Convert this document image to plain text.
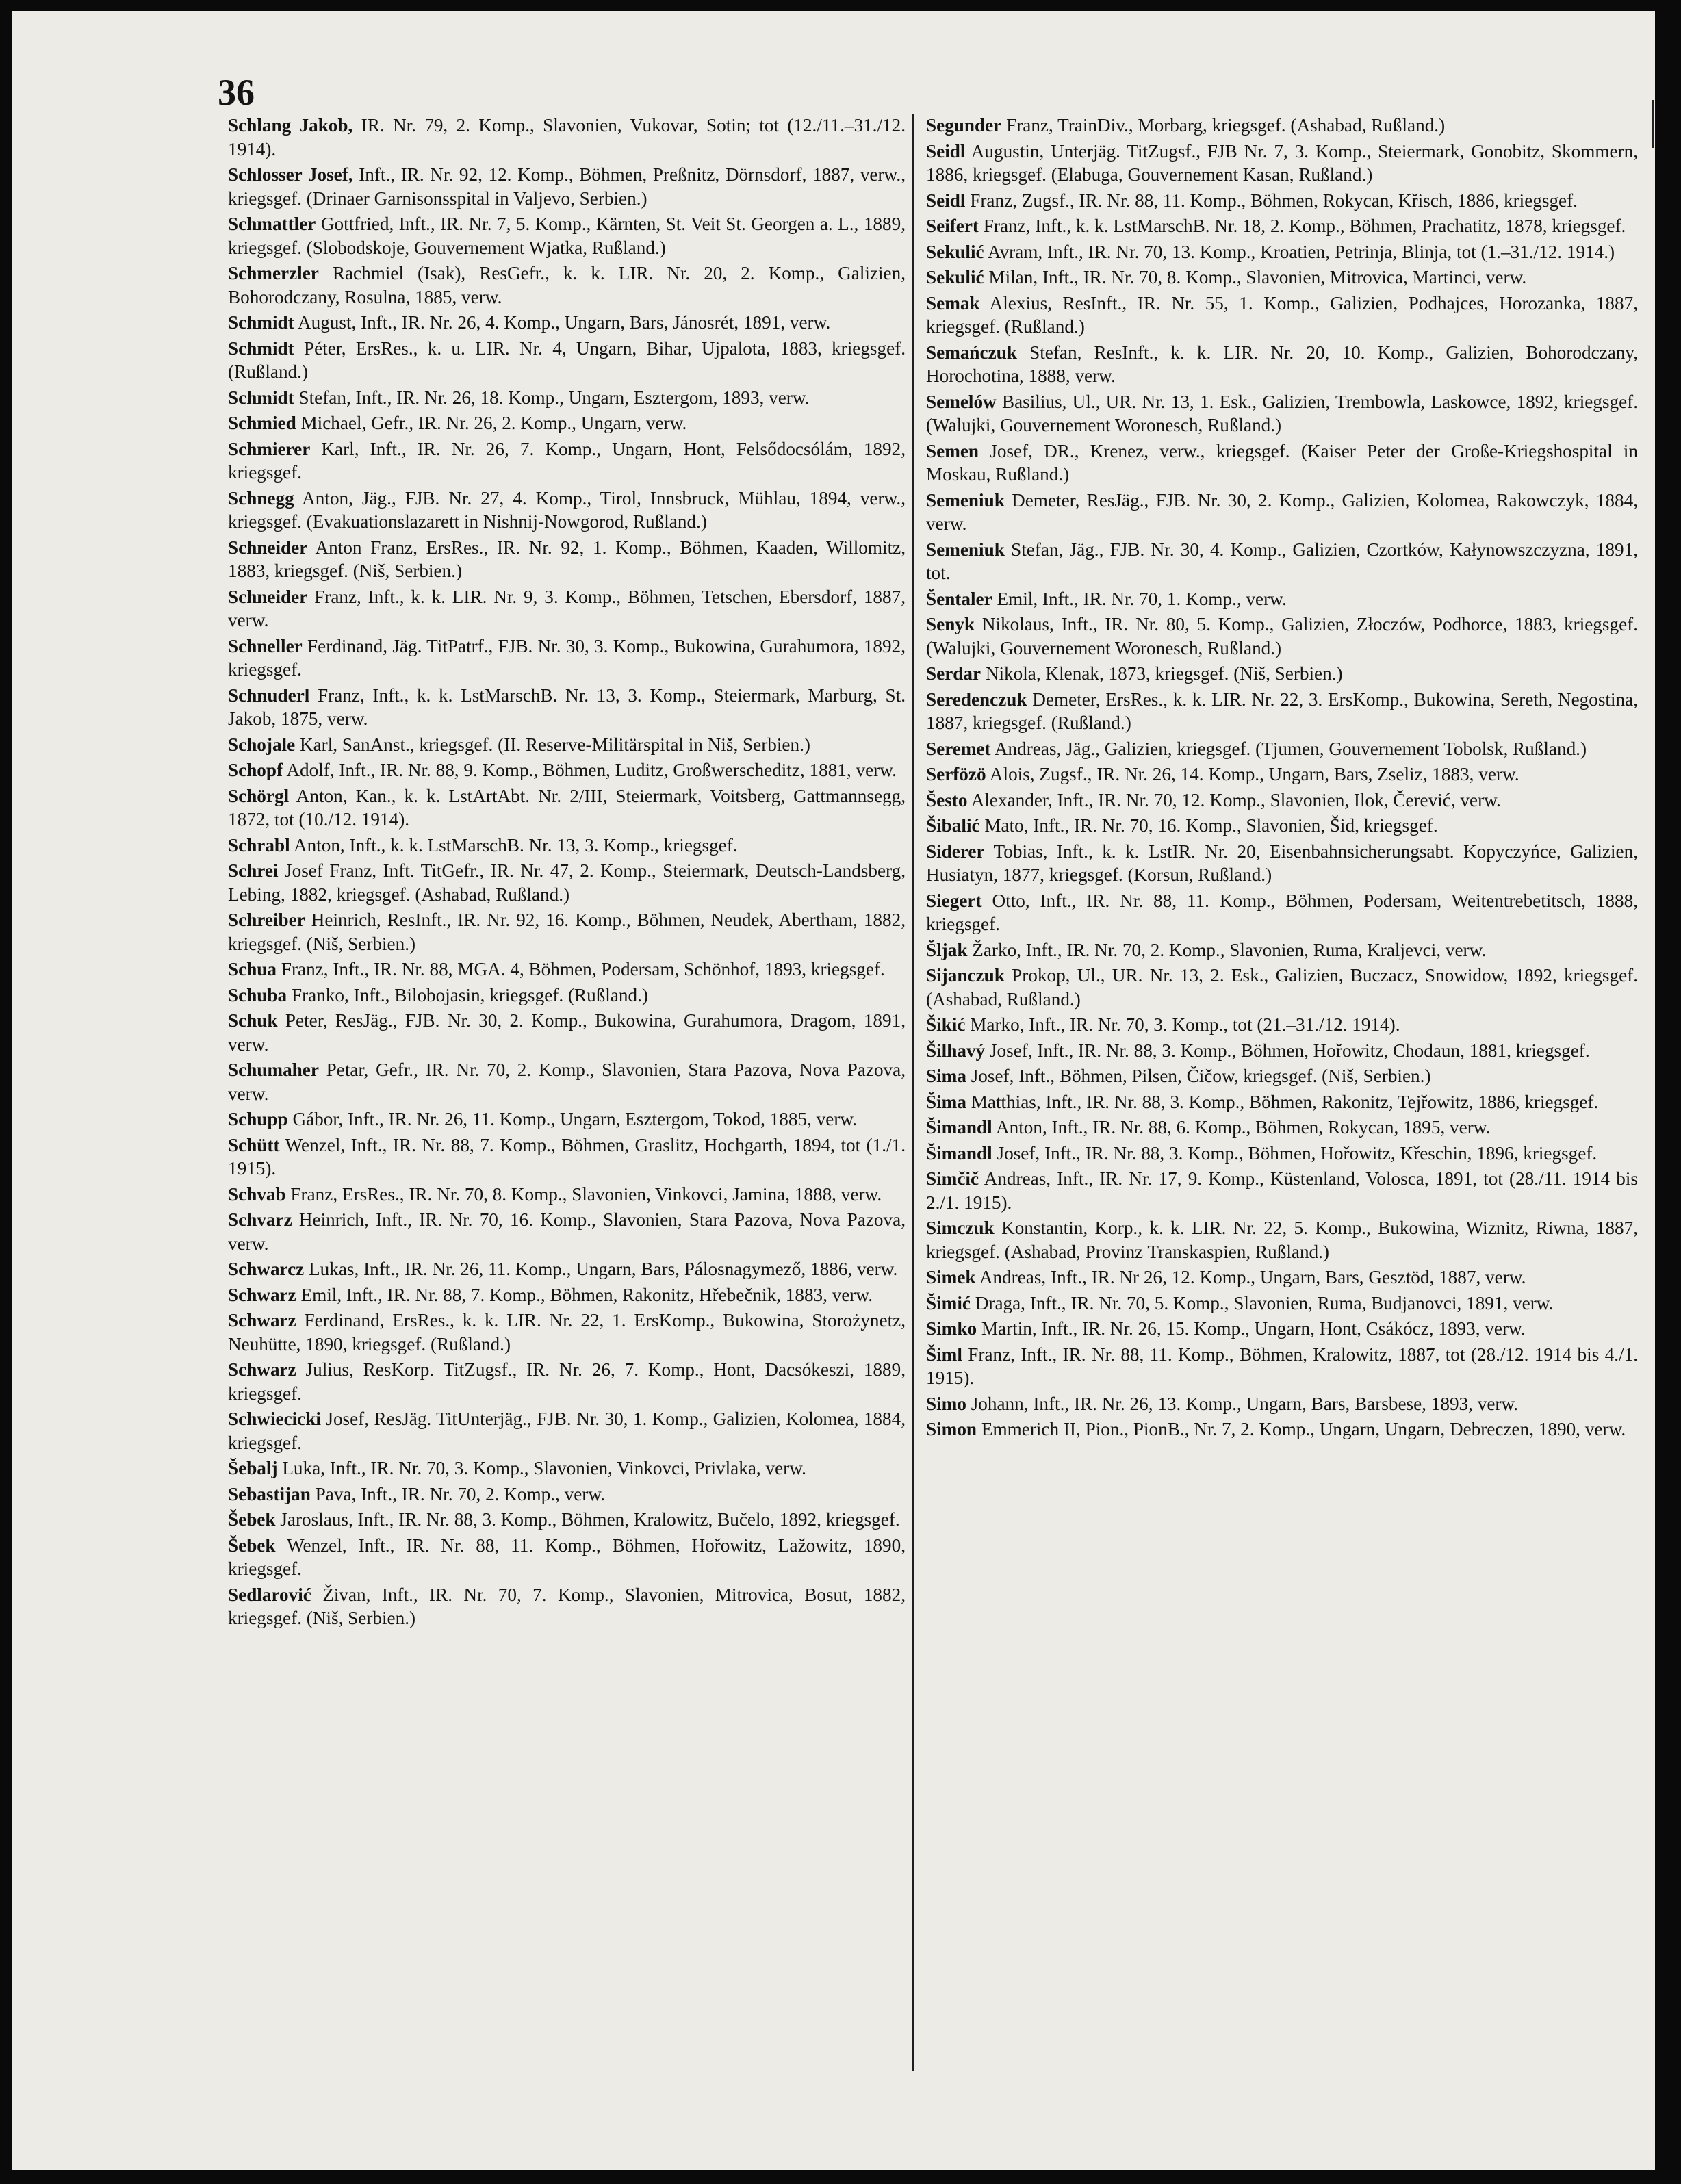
36

Schlang Jakob, IR. Nr. 79, 2. Komp., Slavonien, Vukovar, Sotin; tot (12./11.–31./12. 1914).

Schlosser Josef, Inft., IR. Nr. 92, 12. Komp., Böhmen, Preßnitz, Dörnsdorf, 1887, verw., kriegsgef. (Drinaer Garnisonsspital in Valjevo, Serbien.)

Schmattler Gottfried, Inft., IR. Nr. 7, 5. Komp., Kärnten, St. Veit St. Georgen a. L., 1889, kriegsgef. (Slobodskoje, Gouvernement Wjatka, Rußland.)

Schmerzler Rachmiel (Isak), ResGefr., k. k. LIR. Nr. 20, 2. Komp., Galizien, Bohorodczany, Rosulna, 1885, verw.

Schmidt August, Inft., IR. Nr. 26, 4. Komp., Ungarn, Bars, Jánosrét, 1891, verw.

Schmidt Péter, ErsRes., k. u. LIR. Nr. 4, Ungarn, Bihar, Ujpalota, 1883, kriegsgef. (Rußland.)

Schmidt Stefan, Inft., IR. Nr. 26, 18. Komp., Ungarn, Esztergom, 1893, verw.

Schmied Michael, Gefr., IR. Nr. 26, 2. Komp., Ungarn, verw.

Schmierer Karl, Inft., IR. Nr. 26, 7. Komp., Ungarn, Hont, Felsődocsólám, 1892, kriegsgef.

Schnegg Anton, Jäg., FJB. Nr. 27, 4. Komp., Tirol, Innsbruck, Mühlau, 1894, verw., kriegsgef. (Evakuationslazarett in Nishnij-Nowgorod, Rußland.)

Schneider Anton Franz, ErsRes., IR. Nr. 92, 1. Komp., Böhmen, Kaaden, Willomitz, 1883, kriegsgef. (Niš, Serbien.)

Schneider Franz, Inft., k. k. LIR. Nr. 9, 3. Komp., Böhmen, Tetschen, Ebersdorf, 1887, verw.

Schneller Ferdinand, Jäg. TitPatrf., FJB. Nr. 30, 3. Komp., Bukowina, Gurahumora, 1892, kriegsgef.

Schnuderl Franz, Inft., k. k. LstMarschB. Nr. 13, 3. Komp., Steiermark, Marburg, St. Jakob, 1875, verw.

Schojale Karl, SanAnst., kriegsgef. (II. Reserve-Militärspital in Niš, Serbien.)

Schopf Adolf, Inft., IR. Nr. 88, 9. Komp., Böhmen, Luditz, Großwerscheditz, 1881, verw.

Schörgl Anton, Kan., k. k. LstArtAbt. Nr. 2/III, Steiermark, Voitsberg, Gattmannsegg, 1872, tot (10./12. 1914).

Schrabl Anton, Inft., k. k. LstMarschB. Nr. 13, 3. Komp., kriegsgef.

Schrei Josef Franz, Inft. TitGefr., IR. Nr. 47, 2. Komp., Steiermark, Deutsch-Landsberg, Lebing, 1882, kriegsgef. (Ashabad, Rußland.)

Schreiber Heinrich, ResInft., IR. Nr. 92, 16. Komp., Böhmen, Neudek, Abertham, 1882, kriegsgef. (Niš, Serbien.)

Schua Franz, Inft., IR. Nr. 88, MGA. 4, Böhmen, Podersam, Schönhof, 1893, kriegsgef.

Schuba Franko, Inft., Bilobojasin, kriegsgef. (Rußland.)

Schuk Peter, ResJäg., FJB. Nr. 30, 2. Komp., Bukowina, Gurahumora, Dragom, 1891, verw.

Schumaher Petar, Gefr., IR. Nr. 70, 2. Komp., Slavonien, Stara Pazova, Nova Pazova, verw.

Schupp Gábor, Inft., IR. Nr. 26, 11. Komp., Ungarn, Esztergom, Tokod, 1885, verw.

Schütt Wenzel, Inft., IR. Nr. 88, 7. Komp., Böhmen, Graslitz, Hochgarth, 1894, tot (1./1. 1915).

Schvab Franz, ErsRes., IR. Nr. 70, 8. Komp., Slavonien, Vinkovci, Jamina, 1888, verw.

Schvarz Heinrich, Inft., IR. Nr. 70, 16. Komp., Slavonien, Stara Pazova, Nova Pazova, verw.

Schwarcz Lukas, Inft., IR. Nr. 26, 11. Komp., Ungarn, Bars, Pálosnagymező, 1886, verw.

Schwarz Emil, Inft., IR. Nr. 88, 7. Komp., Böhmen, Rakonitz, Hřebečnik, 1883, verw.

Schwarz Ferdinand, ErsRes., k. k. LIR. Nr. 22, 1. ErsKomp., Bukowina, Storożynetz, Neuhütte, 1890, kriegsgef. (Rußland.)

Schwarz Julius, ResKorp. TitZugsf., IR. Nr. 26, 7. Komp., Hont, Dacsókeszi, 1889, kriegsgef.

Schwiecicki Josef, ResJäg. TitUnterjäg., FJB. Nr. 30, 1. Komp., Galizien, Kolomea, 1884, kriegsgef.

Šebalj Luka, Inft., IR. Nr. 70, 3. Komp., Slavonien, Vinkovci, Privlaka, verw.

Sebastijan Pava, Inft., IR. Nr. 70, 2. Komp., verw.

Šebek Jaroslaus, Inft., IR. Nr. 88, 3. Komp., Böhmen, Kralowitz, Bučelo, 1892, kriegsgef.

Šebek Wenzel, Inft., IR. Nr. 88, 11. Komp., Böhmen, Hořowitz, Lažowitz, 1890, kriegsgef.

Sedlarović Živan, Inft., IR. Nr. 70, 7. Komp., Slavonien, Mitrovica, Bosut, 1882, kriegsgef. (Niš, Serbien.)

Segunder Franz, TrainDiv., Morbarg, kriegsgef. (Ashabad, Rußland.)

Seidl Augustin, Unterjäg. TitZugsf., FJB Nr. 7, 3. Komp., Steiermark, Gonobitz, Skommern, 1886, kriegsgef. (Elabuga, Gouvernement Kasan, Rußland.)

Seidl Franz, Zugsf., IR. Nr. 88, 11. Komp., Böhmen, Rokycan, Křisch, 1886, kriegsgef.

Seifert Franz, Inft., k. k. LstMarschB. Nr. 18, 2. Komp., Böhmen, Prachatitz, 1878, kriegsgef.

Sekulić Avram, Inft., IR. Nr. 70, 13. Komp., Kroatien, Petrinja, Blinja, tot (1.–31./12. 1914.)

Sekulić Milan, Inft., IR. Nr. 70, 8. Komp., Slavonien, Mitrovica, Martinci, verw.

Semak Alexius, ResInft., IR. Nr. 55, 1. Komp., Galizien, Podhajces, Horozanka, 1887, kriegsgef. (Rußland.)

Semańczuk Stefan, ResInft., k. k. LIR. Nr. 20, 10. Komp., Galizien, Bohorodczany, Horochotina, 1888, verw.

Semelów Basilius, Ul., UR. Nr. 13, 1. Esk., Galizien, Trembowla, Laskowce, 1892, kriegsgef. (Walujki, Gouvernement Woronesch, Rußland.)

Semen Josef, DR., Krenez, verw., kriegsgef. (Kaiser Peter der Große-Kriegshospital in Moskau, Rußland.)

Semeniuk Demeter, ResJäg., FJB. Nr. 30, 2. Komp., Galizien, Kolomea, Rakowczyk, 1884, verw.

Semeniuk Stefan, Jäg., FJB. Nr. 30, 4. Komp., Galizien, Czortków, Kałynowszczyzna, 1891, tot.

Šentaler Emil, Inft., IR. Nr. 70, 1. Komp., verw.

Senyk Nikolaus, Inft., IR. Nr. 80, 5. Komp., Galizien, Złoczów, Podhorce, 1883, kriegsgef. (Walujki, Gouvernement Woronesch, Rußland.)

Serdar Nikola, Klenak, 1873, kriegsgef. (Niš, Serbien.)

Seredenczuk Demeter, ErsRes., k. k. LIR. Nr. 22, 3. ErsKomp., Bukowina, Sereth, Negostina, 1887, kriegsgef. (Rußland.)

Seremet Andreas, Jäg., Galizien, kriegsgef. (Tjumen, Gouvernement Tobolsk, Rußland.)

Serfözö Alois, Zugsf., IR. Nr. 26, 14. Komp., Ungarn, Bars, Zseliz, 1883, verw.

Šesto Alexander, Inft., IR. Nr. 70, 12. Komp., Slavonien, Ilok, Čerević, verw.

Šibalić Mato, Inft., IR. Nr. 70, 16. Komp., Slavonien, Šid, kriegsgef.

Siderer Tobias, Inft., k. k. LstIR. Nr. 20, Eisenbahnsicherungsabt. Kopyczyńce, Galizien, Husiatyn, 1877, kriegsgef. (Korsun, Rußland.)

Siegert Otto, Inft., IR. Nr. 88, 11. Komp., Böhmen, Podersam, Weitentrebetitsch, 1888, kriegsgef.

Šljak Žarko, Inft., IR. Nr. 70, 2. Komp., Slavonien, Ruma, Kraljevci, verw.

Sijanczuk Prokop, Ul., UR. Nr. 13, 2. Esk., Galizien, Buczacz, Snowidow, 1892, kriegsgef. (Ashabad, Rußland.)

Šikić Marko, Inft., IR. Nr. 70, 3. Komp., tot (21.–31./12. 1914).

Šilhavý Josef, Inft., IR. Nr. 88, 3. Komp., Böhmen, Hořowitz, Chodaun, 1881, kriegsgef.

Sima Josef, Inft., Böhmen, Pilsen, Čičow, kriegsgef. (Niš, Serbien.)

Šima Matthias, Inft., IR. Nr. 88, 3. Komp., Böhmen, Rakonitz, Tejřowitz, 1886, kriegsgef.

Šimandl Anton, Inft., IR. Nr. 88, 6. Komp., Böhmen, Rokycan, 1895, verw.

Šimandl Josef, Inft., IR. Nr. 88, 3. Komp., Böhmen, Hořowitz, Křeschin, 1896, kriegsgef.

Simčič Andreas, Inft., IR. Nr. 17, 9. Komp., Küstenland, Volosca, 1891, tot (28./11. 1914 bis 2./1. 1915).

Simczuk Konstantin, Korp., k. k. LIR. Nr. 22, 5. Komp., Bukowina, Wiznitz, Riwna, 1887, kriegsgef. (Ashabad, Provinz Transkaspien, Rußland.)

Simek Andreas, Inft., IR. Nr 26, 12. Komp., Ungarn, Bars, Gesztöd, 1887, verw.

Šimić Draga, Inft., IR. Nr. 70, 5. Komp., Slavonien, Ruma, Budjanovci, 1891, verw.

Simko Martin, Inft., IR. Nr. 26, 15. Komp., Ungarn, Hont, Csákócz, 1893, verw.

Šiml Franz, Inft., IR. Nr. 88, 11. Komp., Böhmen, Kralowitz, 1887, tot (28./12. 1914 bis 4./1. 1915).

Simo Johann, Inft., IR. Nr. 26, 13. Komp., Ungarn, Bars, Barsbese, 1893, verw.

Simon Emmerich II, Pion., PionB., Nr. 7, 2. Komp., Ungarn, Ungarn, Debreczen, 1890, verw.
